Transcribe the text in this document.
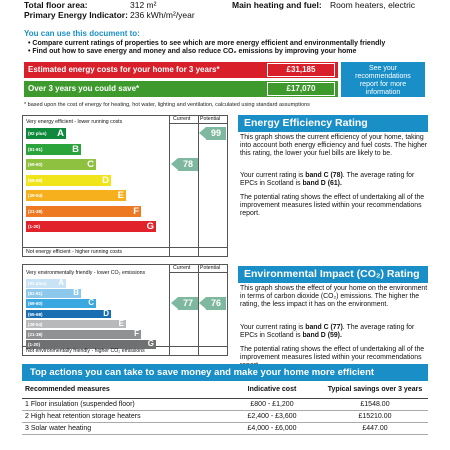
Total floor area:	312 m²
Primary Energy Indicator: 236 kWh/m²/year
Main heating and fuel: Room heaters, electric
You can use this document to:
• Compare current ratings of properties to see which are more energy efficient and environmentally friendly
• Find out how to save energy and money and also reduce CO₂ emissions by improving your home
Estimated energy costs for your home for 3 years*	£31,185
Over 3 years you could save*	£17,070
See your
recommendations
report for more
information
* based upon the cost of energy for heating, hot water, lighting and ventilation, calculated using standard assumptions
Current Potential
Very energy efficient - lower running costs
(92 plus) A
(81-91)	B
(69-80)	C
(55-68)	D
(39-54)	E
(21-38)	F
(1-20)	G
78
99
Not energy efficient - higher running costs
Current Potential
Very environmentally friendly - lower CO₂ emissions
(92 plus) A
(81-91)	B
(69-80)	C
(55-68)	D
(39-54)	E
(21-38)	F
(1-20)	G
77	76
Not environmentally friendly - higher CO₂ emissions
Energy Efficiency Rating
This graph shows the current efficiency of your home, taking into account both energy efficiency and fuel costs. The higher this rating, the lower your fuel bills are likely to be.
Your current rating is band C (78). The average rating for EPCs in Scotland is band D (61).
The potential rating shows the effect of undertaking all of the improvement measures listed within your recommendations report.
Environmental Impact (CO₂) Rating
This graph shows the effect of your home on the environment in terms of carbon dioxide (CO₂) emissions. The higher the rating, the less impact it has on the environment.
Your current rating is band C (77). The average rating for EPCs in Scotland is band D (59).
The potential rating shows the effect of undertaking all of the improvement measures listed within your recommendations
Top actions you can take to save money and make your home more efficient
Recommended measures	Indicative cost	Typical savings over 3 years
1 Floor insulation (suspended floor)	£800 - £1,200	£1548.00
2 High heat retention storage heaters	£2,400 - £3,600	£15210.00
3 Solar water heating	£4,000 - £6,000	£447.00
